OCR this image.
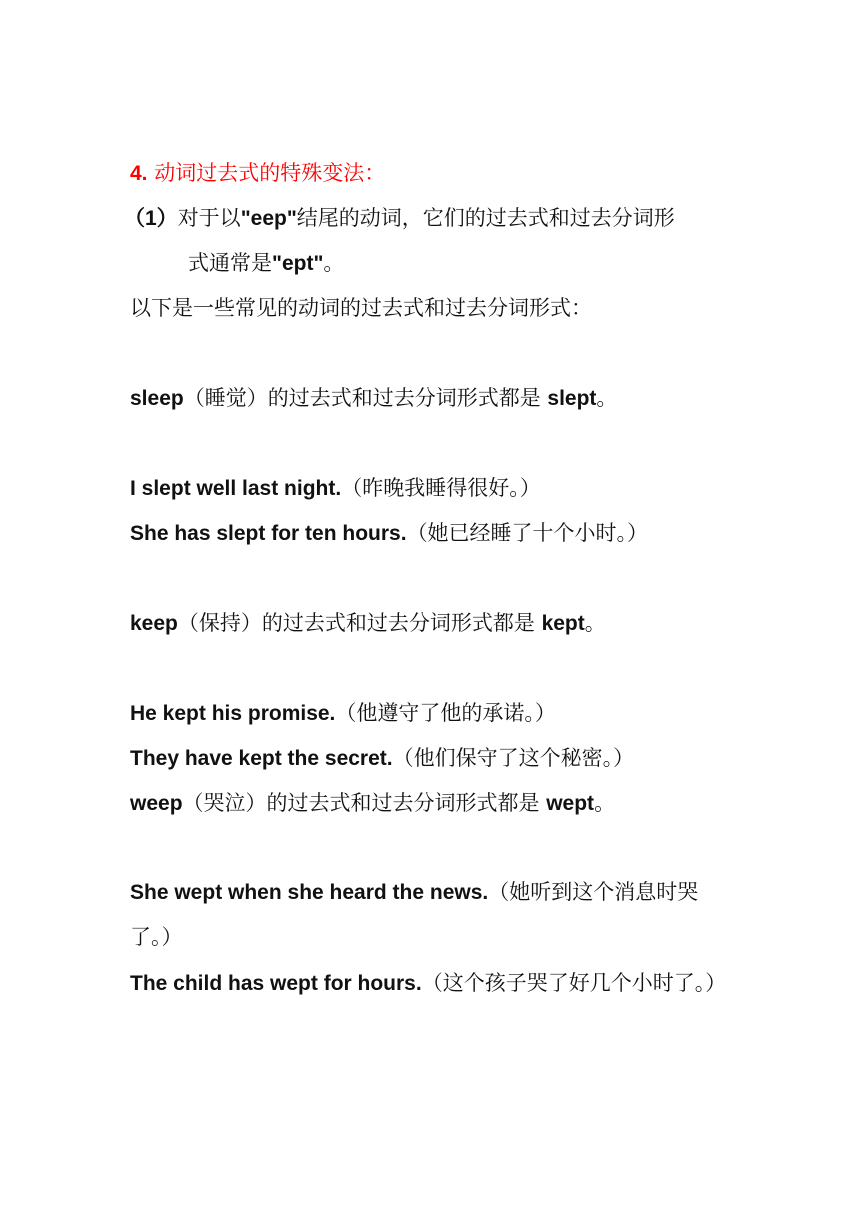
4. 动词过去式的特殊变法：
（1）对于以"eep"结尾的动词，它们的过去式和过去分词形
式通常是"ept"。
以下是一些常见的动词的过去式和过去分词形式：
sleep（睡觉）的过去式和过去分词形式都是 slept。
I slept well last night.（昨晚我睡得很好。）
She has slept for ten hours.（她已经睡了十个小时。）
keep（保持）的过去式和过去分词形式都是 kept。
He kept his promise.（他遵守了他的承诺。）
They have kept the secret.（他们保守了这个秘密。）
weep（哭泣）的过去式和过去分词形式都是 wept。
She wept when she heard the news.（她听到这个消息时哭了。）
The child has wept for hours.（这个孩子哭了好几个小时了。）
